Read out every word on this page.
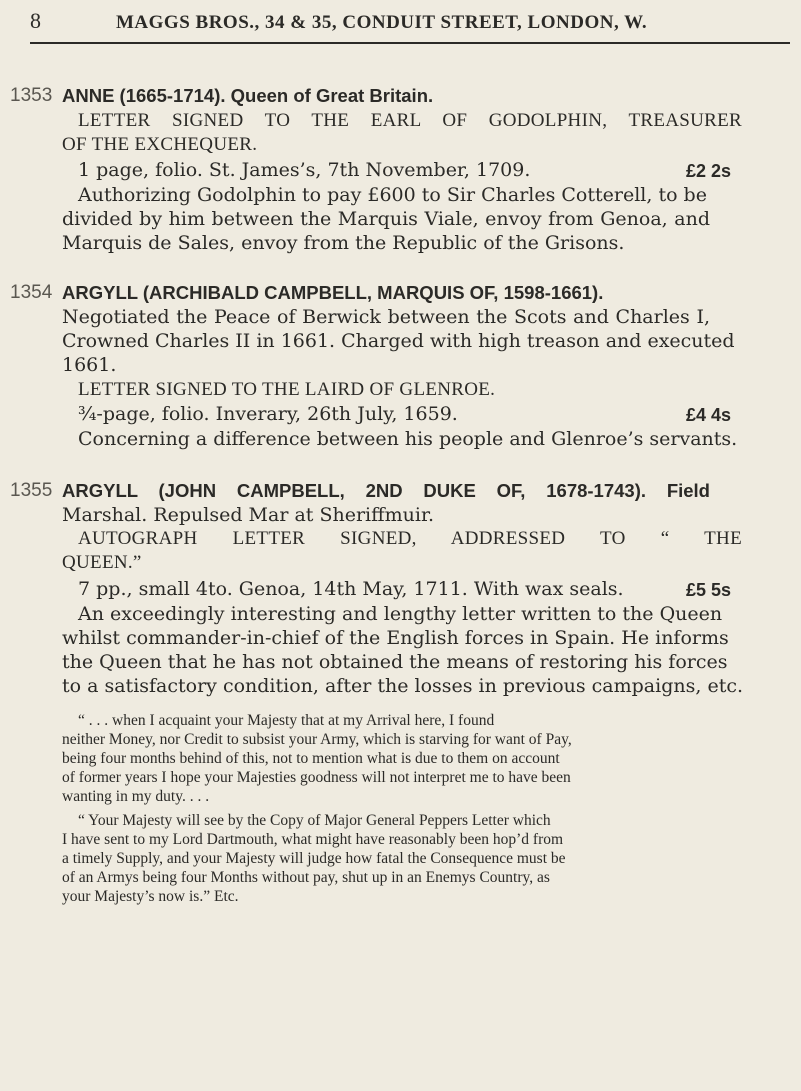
8	MAGGS BROS., 34 & 35, CONDUIT STREET, LONDON, W.
1353 ANNE (1665-1714). Queen of Great Britain.
LETTER SIGNED TO THE EARL OF GODOLPHIN, TREASURER
OF THE EXCHEQUER.
1 page, folio. St. James’s, 7th November, 1709.	£2 2s
Authorizing Godolphin to pay £600 to Sir Charles Cotterell, to be
divided by him between the Marquis Viale, envoy from Genoa, and
Marquis de Sales, envoy from the Republic of the Grisons.
1354 ARGYLL (ARCHIBALD CAMPBELL, MARQUIS OF, 1598-1661).
Negotiated the Peace of Berwick between the Scots and Charles I,
Crowned Charles II in 1661. Charged with high treason and executed
1661.
LETTER SIGNED TO THE LAIRD OF GLENROE.
¾-page, folio. Inverary, 26th July, 1659.	£4 4s
Concerning a difference between his people and Glenroe’s servants.
1355 ARGYLL (JOHN CAMPBELL, 2ND DUKE OF, 1678-1743). Field
Marshal. Repulsed Mar at Sheriffmuir.
AUTOGRAPH LETTER SIGNED, ADDRESSED TO “ THE
QUEEN.”
7 pp., small 4to. Genoa, 14th May, 1711. With wax seals.	£5 5s
An exceedingly interesting and lengthy letter written to the Queen
whilst commander-in-chief of the English forces in Spain. He informs
the Queen that he has not obtained the means of restoring his forces
to a satisfactory condition, after the losses in previous campaigns, etc.
“ . . . when I acquaint your Majesty that at my Arrival here, I found
neither Money, nor Credit to subsist your Army, which is starving for want of Pay,
being four months behind of this, not to mention what is due to them on account
of former years I hope your Majesties goodness will not interpret me to have been
wanting in my duty. . . .
“ Your Majesty will see by the Copy of Major General Peppers Letter which
I have sent to my Lord Dartmouth, what might have reasonably been hop’d from
a timely Supply, and your Majesty will judge how fatal the Consequence must be
of an Armys being four Months without pay, shut up in an Enemys Country, as
your Majesty’s now is.” Etc.
